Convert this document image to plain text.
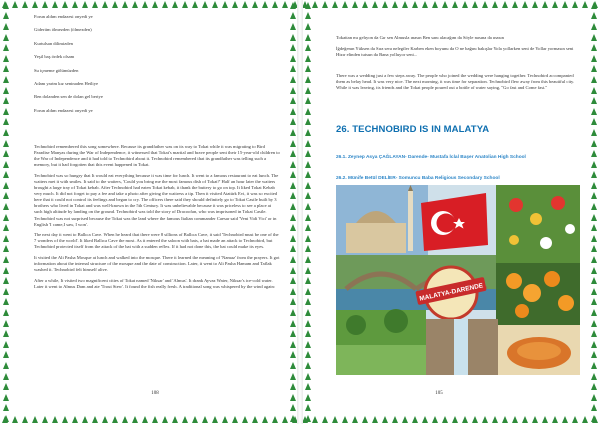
Forun aldım endazesi onyedi ye

Gideriim ölmezden (ölmezden)

Kurtulsan dilimizden

Yeşil baş ördek olsam

Su içmeme gölümüzden

Adam yarim kız seninaden Heiliye

Ben dolanden sen de dolan gel beriye

Forun aldım endazesi onyedi ye

Technobird remembered this song somewhere. Because its grandfather was on its way to Tokat while it was migrating to Bird Paradise Manyas during the War of Independence, it witnessed that Tokat's martial and brave people sent their 15-year-old children to the War of Independence and it had told to Technobird about it. Technobird remembered that its grandfather was telling such a memory, but it had forgotten that this event happened in Tokat.

Technobird was so hungry that It would eat everything because it was time for lunch. It went to a famous restaurant to eat lunch. The waiters met it with smiles. It said to the waiters, 'Could you bring me the most famous dish of Tokat?' Half an hour later the waiters brought a large tray of Tokat kebab. After Technobird had eaten Tokat kebab, it thank the buttery to go on top. It liked Tokat Kebab very much. It did not forget to pay a fee and take a photo after giving the waitress a tip. Then it visited Atatürk Evi, it was so excited here that it could not control its feelings and began to cry. The officers there said they should definitely go to Tokat Castle built by 3 brothers who lived in Tokat and was well-known in the 5th Century. It was unbelievable because it was priceless to see a place at such high altitude by landing on the ground. Technobird was told the story of Dracoofan, who was imprisoned in Tokat Castle. Technobird was not surprised because the Tokat was the land where the famous Italian commander Caesar said 'Veni Vidi Vici' or in English 'I came,I saw, I won'.

The next day it went to Ballıca Cave. When he heard that there were 8 sillions of Ballıca Cave, it said 'Technobird must be one of the 7 wonders of the world'. It liked Ballıca Cave the most. As it entered the saloon with bats, a bat made an attack to Technobird, but Technobird protected itself from the attack of the bat with a sudden reflex. If it had not done this, the bat could make its eyes.

It visited the Ali Pasha Mosque at lunch and walked into the mosque. There it learned the meaning of 'Namaz' from the prayers. It got information about the internal structure of the mosque and the date of construction. Later, it went to Ali Pasha Hamam and Taflak washed it. Technobird felt himself alive.

After a while, It visited two magnificent cities of Tokat named 'Niksar' and 'Almus'. It drank Ayvaz Water, Niksar's ice-cold water. Later it went to Almus Dam and ate 'Trout Stew'. It found the fish really fresh. A traditional song was whispered by the wind again:

108

Tokattan mı gelıyon da Gır sen Almusla ınasın Ben sanı alacağım da Söyle nasına da ınasın

İğdeğenın Yüksen da Sıra sera nelegiler Karben eken boyunu da O ne bağını bakışlar Yola yollarken seni de Yollar yormasın seni Hizır elinden tutsun da Bana yolluyor seni...

There was a wedding just a few steps away. The people who joined the wedding were hanging together. Technobird accompanied them as belay head. It was very nice. The next morning, it was time for separation. Technobird flew away from this beautiful city. While it was leaving, its friends and the Tokat people poured out a bottle of water saying, "Go fast and Come fast."

105
26. TECHNOBIRD IS IN MALATYA
26.1. Zeynep Asya ÇAĞLAYAN- Darende- Mustafa İclal Başer Anatolian High School
26.2. Münife Betül DELİER- Somuncu Baba Religious Secondary School
MALATYA-DARENDE
